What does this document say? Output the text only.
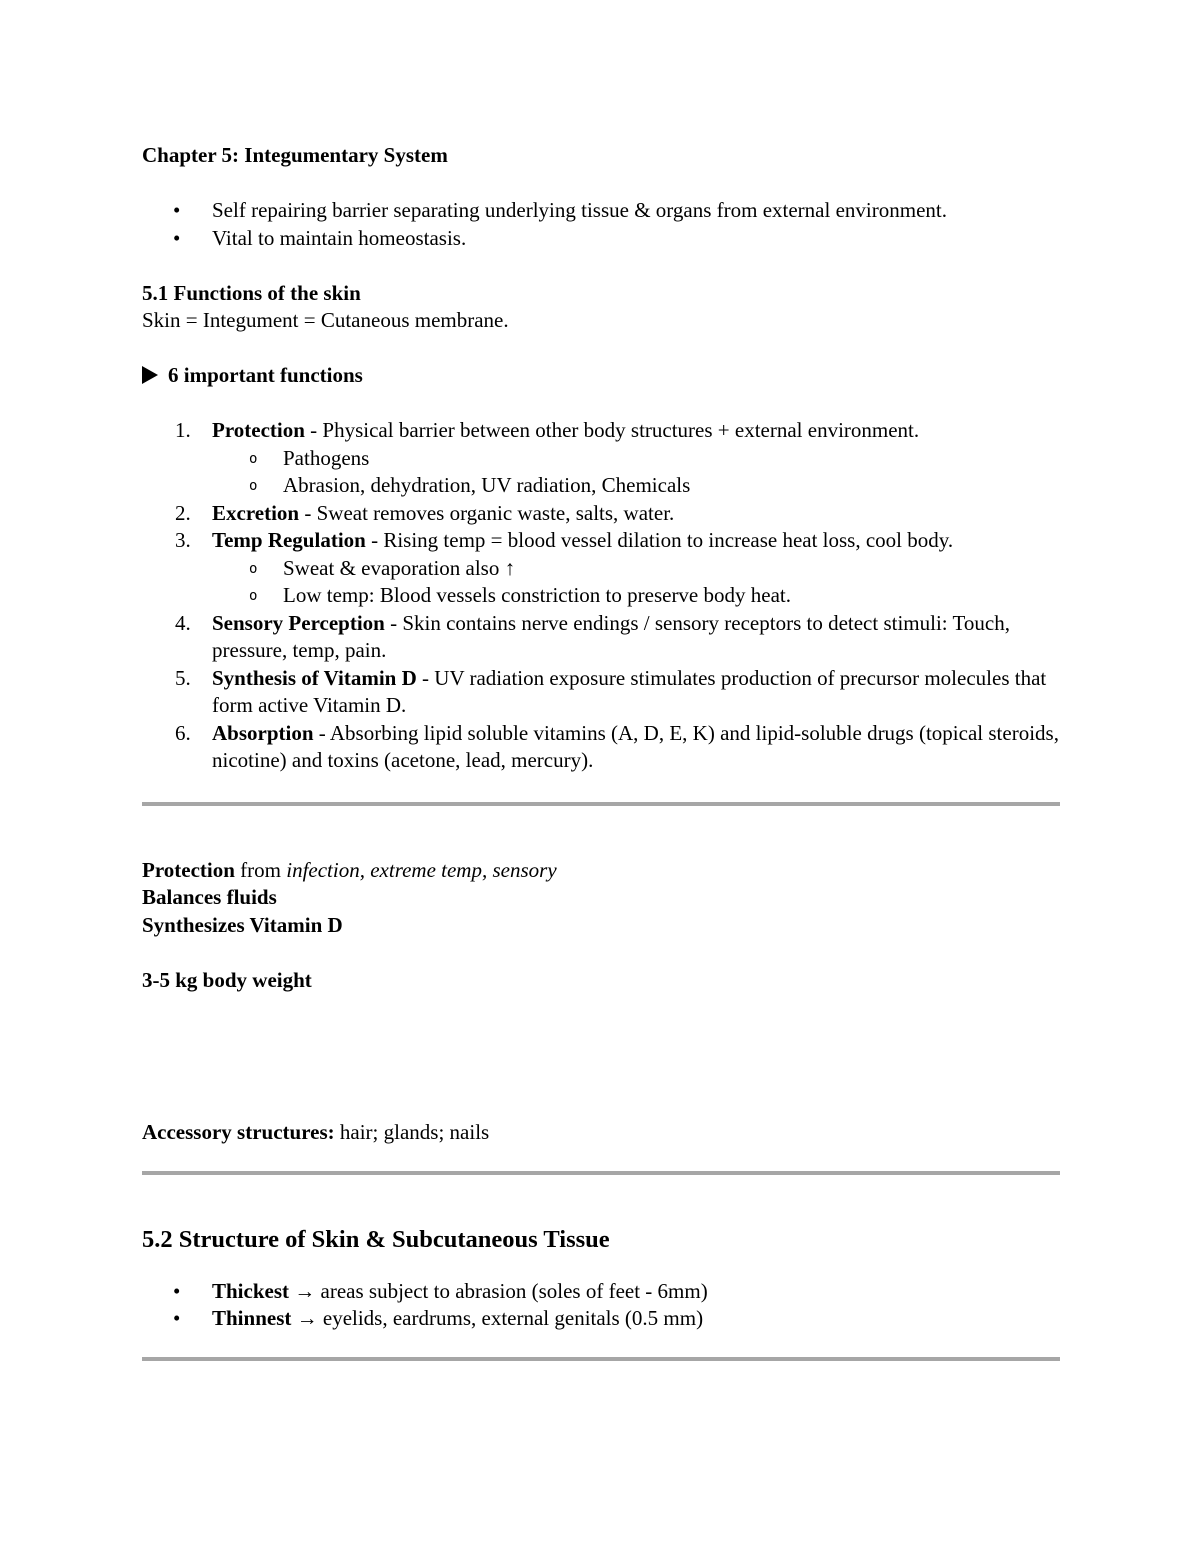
Chapter 5: Integumentary System

• Self repairing barrier separating underlying tissue & organs from external environment.
• Vital to maintain homeostasis.

5.1 Functions of the skin

Skin = Integument = Cutaneous membrane.

6 important functions

1. Protection - Physical barrier between other body structures + external environment.
o Pathogens
o Abrasion, dehydration, UV radiation, Chemicals
2. Excretion - Sweat removes organic waste, salts, water.
3. Temp Regulation - Rising temp = blood vessel dilation to increase heat loss, cool body.
o Sweat & evaporation also ↑
o Low temp: Blood vessels constriction to preserve body heat.
4. Sensory Perception - Skin contains nerve endings / sensory receptors to detect stimuli: Touch, pressure, temp, pain.
5. Synthesis of Vitamin D - UV radiation exposure stimulates production of precursor molecules that form active Vitamin D.
6. Absorption - Absorbing lipid soluble vitamins (A, D, E, K) and lipid-soluble drugs (topical steroids, nicotine) and toxins (acetone, lead, mercury).

Protection from infection, extreme temp, sensory

Balances fluids

Synthesizes Vitamin D

3-5 kg body weight

Accessory structures: hair; glands; nails

5.2 Structure of Skin & Subcutaneous Tissue
• Thickest → areas subject to abrasion (soles of feet - 6mm)
• Thinnest → eyelids, eardrums, external genitals (0.5 mm)
